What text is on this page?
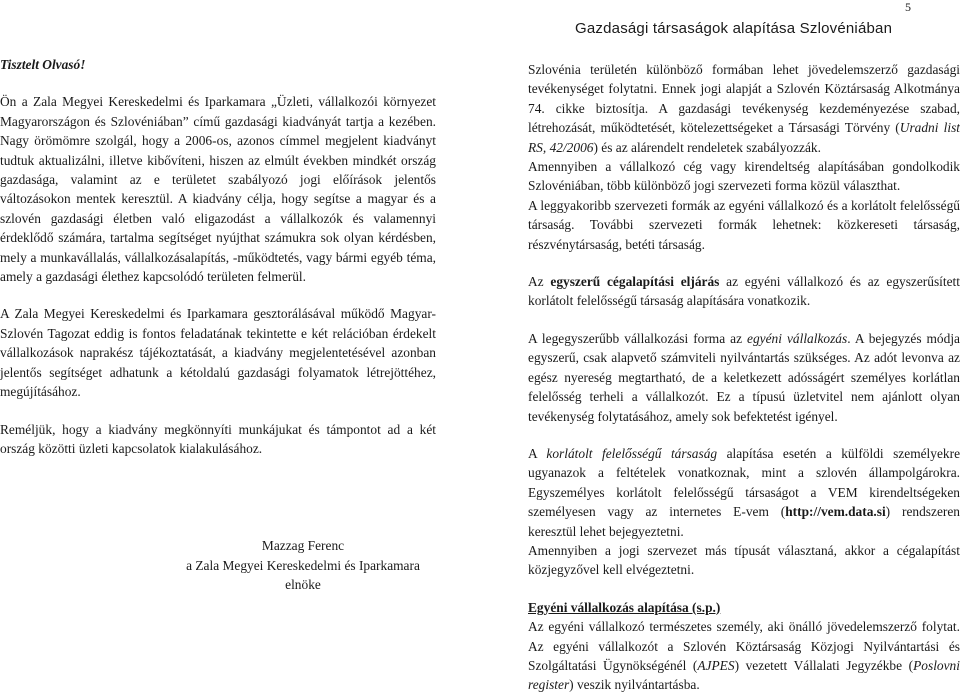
5
Gazdasági társaságok alapítása Szlovéniában

Tisztelt Olvasó!

Ön a Zala Megyei Kereskedelmi és Iparkamara „Üzleti, vállalkozói környezet Magyarországon és Szlovéniában” című gazdasági kiadványát tartja a kezében. Nagy örömömre szolgál, hogy a 2006-os, azonos címmel megjelent kiadványt tudtuk aktualizálni, illetve kibővíteni, hiszen az elmúlt években mindkét ország gazdasága, valamint az e területet szabályozó jogi előírások jelentős változásokon mentek keresztül. A kiadvány célja, hogy segítse a magyar és a szlovén gazdasági életben való eligazodást a vállalkozók és valamennyi érdeklődő számára, tartalma segítséget nyújthat számukra sok olyan kérdésben, mely a munkavállalás, vállalkozásalapítás, -működtetés, vagy bármi egyéb téma, amely a gazdasági élethez kapcsolódó területen felmerül.

A Zala Megyei Kereskedelmi és Iparkamara gesztorálásával működő Magyar- Szlovén Tagozat eddig is fontos feladatának tekintette e két relációban érdekelt vállalkozások naprakész tájékoztatását, a kiadvány megjelentetésével azonban jelentős segítséget adhatunk a kétoldalú gazdasági folyamatok létrejöttéhez, megújításához.

Reméljük, hogy a kiadvány megkönnyíti munkájukat és támpontot ad a két ország közötti üzleti kapcsolatok kialakulásához.

Mazzag Ferenc
a Zala Megyei Kereskedelmi és Iparkamara
elnöke

Szlovénia területén különböző formában lehet jövedelemszerző gazdasági tevékenységet folytatni. Ennek jogi alapját a Szlovén Köztársaság Alkotmánya 74. cikke biztosítja. A gazdasági tevékenység kezdeményezése szabad, létrehozását, működtetését, kötelezettségeket a Társasági Törvény (Uradni list RS, 42/2006) és az alárendelt rendeletek szabályozzák.

Amennyiben a vállalkozó cég vagy kirendeltség alapításában gondolkodik Szlovéniában, több különböző jogi szervezeti forma közül választhat.

A leggyakoribb szervezeti formák az egyéni vállalkozó és a korlátolt felelősségű társaság. További szervezeti formák lehetnek: közkereseti társaság, részvénytársaság, betéti társaság.

Az egyszerű cégalapítási eljárás az egyéni vállalkozó és az egyszerűsített korlátolt felelősségű társaság alapítására vonatkozik.

A legegyszerűbb vállalkozási forma az egyéni vállalkozás. A bejegyzés módja egyszerű, csak alapvető számviteli nyilvántartás szükséges. Az adót levonva az egész nyereség megtartható, de a keletkezett adósságért személyes korlátlan felelősség terheli a vállalkozót. Ez a típusú üzletvitel nem ajánlott olyan tevékenység folytatásához, amely sok befektetést igényel.

A korlátolt felelősségű társaság alapítása esetén a külföldi személyekre ugyanazok a feltételek vonatkoznak, mint a szlovén állampolgárokra. Egyszemélyes korlátolt felelősségű társaságot a VEM kirendeltségeken személyesen vagy az internetes E-vem (http://vem.data.si) rendszeren keresztül lehet bejegyeztetni.

Amennyiben a jogi szervezet más típusát választaná, akkor a cégalapítást közjegyzővel kell elvégeztetni.

Egyéni vállalkozás alapítása (s.p.)

Az egyéni vállalkozó természetes személy, aki önálló jövedelemszerző folytat. Az egyéni vállalkozót a Szlovén Köztársaság Közjogi Nyilvántartási és Szolgáltatási Ügynökségénél (AJPES) vezetett Vállalati Jegyzékbe (Poslovni register) veszik nyilvántartásba.
